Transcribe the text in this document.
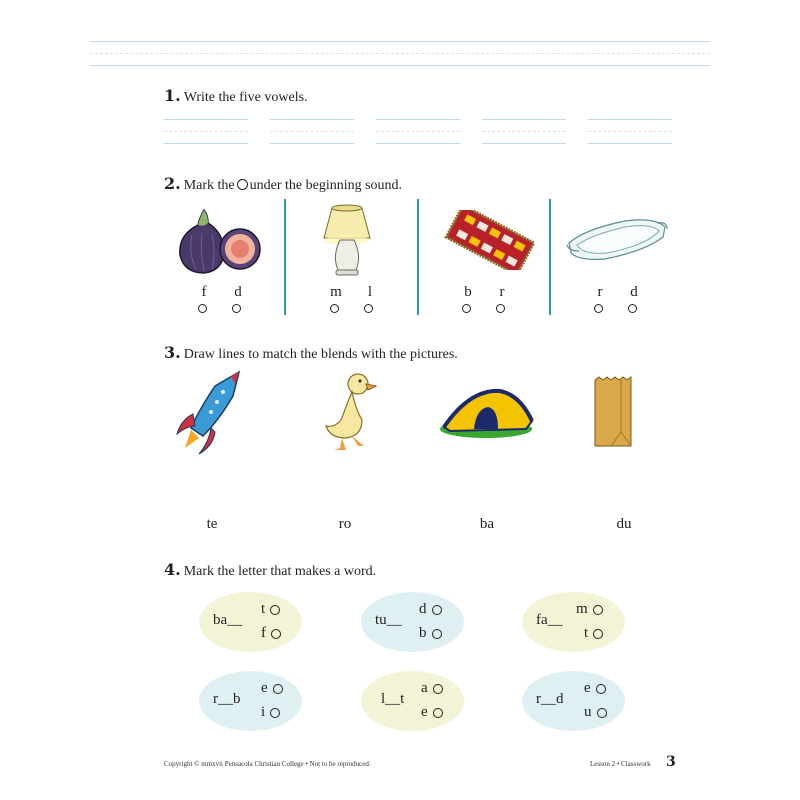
1. Write the five vowels.
2. Mark the under the beginning sound.
f	d	m	l	b	r	r	d
3. Draw lines to match the blends with the pictures.
te	ro	ba	du
4. Mark the letter that makes a word.
ba__
t
f
tu__
d
b
fa__
m
t
r__b
e
i
l__t
a
e
r__d
e
u
Copyright © mmxvii Pensacola Christian College • Not to be reproduced.	Lesson 2 • Classwork 3
